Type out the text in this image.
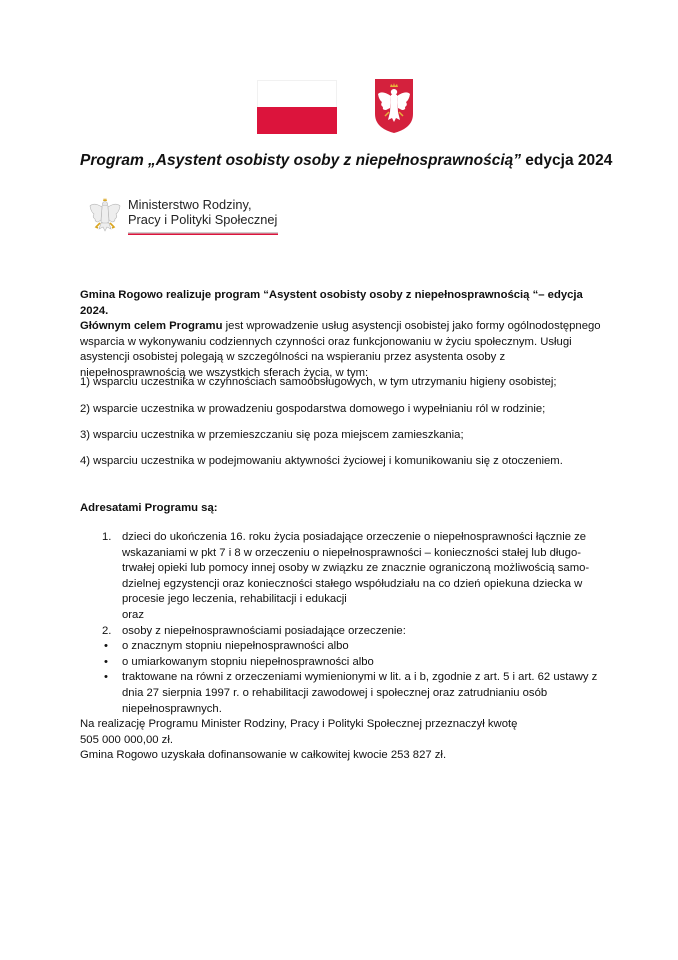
Program „Asystent osobisty osoby z niepełnosprawnością” edycja 2024
Ministerstwo Rodziny,
Pracy i Polityki Społecznej
Gmina Rogowo realizuje program “Asystent osobisty osoby z niepełnosprawnością “– edycja 2024.
Głównym celem Programu jest wprowadzenie usług asystencji osobistej jako formy ogólnodostępnego wsparcia w wykonywaniu codziennych czynności oraz funkcjonowaniu w życiu społecznym. Usługi asystencji osobistej polegają w szczególności na wspieraniu przez asystenta osoby z niepełnosprawnością we wszystkich sferach życia, w tym:
1) wsparciu uczestnika w czynnościach samoobsługowych, w tym utrzymaniu higieny osobistej;
2) wsparcie uczestnika w prowadzeniu gospodarstwa domowego i wypełnianiu ról w rodzinie;
3) wsparciu uczestnika w przemieszczaniu się poza miejscem zamieszkania;
4) wsparciu uczestnika w podejmowaniu aktywności życiowej i komunikowaniu się z otoczeniem.
Adresatami Programu są:
1. dzieci do ukończenia 16. roku życia posiadające orzeczenie o niepełnosprawności łącznie ze wskazaniami w pkt 7 i 8 w orzeczeniu o niepełnosprawności – konieczności stałej lub długo-trwałej opieki lub pomocy innej osoby w związku ze znacznie ograniczoną możliwością samo-dzielnej egzystencji oraz konieczności stałego współudziału na co dzień opiekuna dziecka w procesie jego leczenia, rehabilitacji i edukacji
oraz
2. osoby z niepełnosprawnościami posiadające orzeczenie:
• o znacznym stopniu niepełnosprawności albo
• o umiarkowanym stopniu niepełnosprawności albo
• traktowane na równi z orzeczeniami wymienionymi w lit. a i b, zgodnie z art. 5 i art. 62 ustawy z dnia 27 sierpnia 1997 r. o rehabilitacji zawodowej i społecznej oraz zatrudnianiu osób niepełnosprawnych.
Na realizację Programu Minister Rodziny, Pracy i Polityki Społecznej przeznaczył kwotę
505 000 000,00 zł.
Gmina Rogowo uzyskała dofinansowanie w całkowitej kwocie 253 827 zł.
